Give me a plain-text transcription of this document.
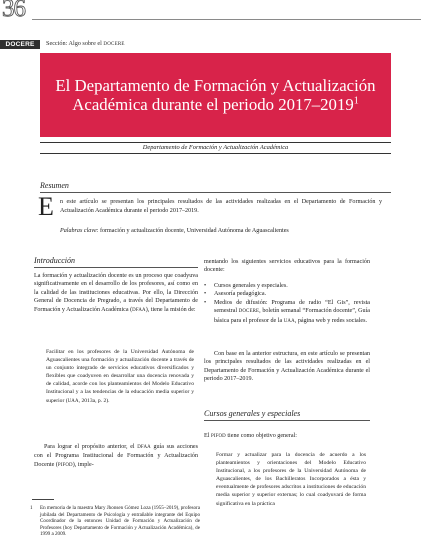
36
DOCERE	Sección: Algo sobre el DOCERE
El Departamento de Formación y Actualización Académica durante el periodo 2017–2019$^1$
Departamento de Formación y Actualización Académica
Resumen
E n este artículo se presentan los principales resultados de las actividades realizadas en el Departamento de Formación y Actualización Académica durante el periodo 2017–2019.
Palabras clave: formación y actualización docente, Universidad Autónoma de Aguascalientes
Introducción
La formación y actualización docente es un proceso que coadyuva significativamente en el desarrollo de los profesores, así como en la calidad de las instituciones educativas. Por ello, la Dirección General de Docencia de Pregrado, a través del Departamento de Formación y Actualización Académica (DFAA), tiene la misión de:
Facilitar en los profesores de la Universidad Autónoma de Aguascalientes una formación y actualización docente a través de un conjunto integrado de servicios educativos diversificados y flexibles que coadyuven en desarrollar una docencia renovada y de calidad, acorde con los planteamientos del Modelo Educativo Institucional y a las tendencias de la educación media superior y superior (UAA, 2013a, p. 2).
Para lograr el propósito anterior, el DFAA guía sus acciones con el Programa Institucional de Formación y Actualización Docente (PIFOD), imple-
1	En memoria de la maestra Mary Jhonsen Gómez Loza (1955–2019), profesora jubilada del Departamento de Psicología y entrañable integrante del Equipo Coordinador de la entonces Unidad de Formación y Actualización de Profesores (hoy Departamento de Formación y Actualización Académica), de 1999 a 2009.
mentando los siguientes servicios educativos para la formación docente:
• Cursos generales y especiales.
• Asesoría pedagógica.
• Medios de difusión: Programa de radio “El Gis”, revista semestral DOCERE, boletín semanal “Formación docente”, Guía básica para el profesor de la UAA, página web y redes sociales.
Con base en la anterior estructura, en este artículo se presentan los principales resultados de las actividades realizadas en el Departamento de Formación y Actualización Académica durante el periodo 2017–2019.
Cursos generales y especiales
El PIFOD tiene como objetivo general:
Formar y actualizar para la docencia de acuerdo a los planteamientos y orientaciones del Modelo Educativo Institucional, a los profesores de la Universidad Autónoma de Aguascalientes, de los Bachilleratos Incorporados a ésta y eventualmente de profesores adscritos a instituciones de educación media superior y superior externas; lo cual coadyuvará de forma significativa en la práctica
